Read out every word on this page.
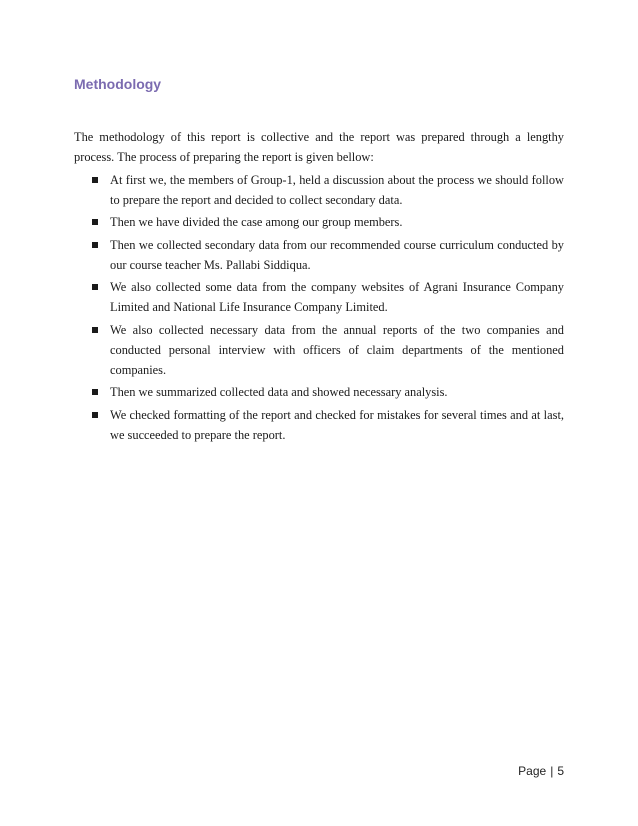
Methodology

The methodology of this report is collective and the report was prepared through a lengthy process. The process of preparing the report is given bellow:

At first we, the members of Group-1, held a discussion about the process we should follow to prepare the report and decided to collect secondary data.
Then we have divided the case among our group members.
Then we collected secondary data from our recommended course curriculum conducted by our course teacher Ms. Pallabi Siddiqua.
We also collected some data from the company websites of Agrani Insurance Company Limited and National Life Insurance Company Limited.
We also collected necessary data from the annual reports of the two companies and conducted personal interview with officers of claim departments of the mentioned companies.
Then we summarized collected data and showed necessary analysis.
We checked formatting of the report and checked for mistakes for several times and at last, we succeeded to prepare the report.
Page | 5
